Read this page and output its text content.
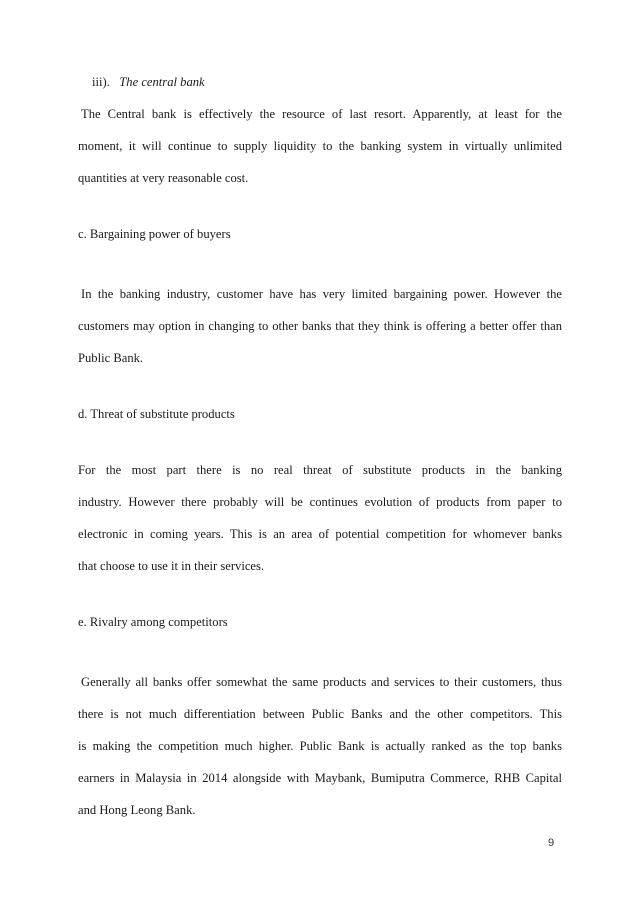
iii). The central bank
The Central bank is effectively the resource of last resort. Apparently, at least for the
moment, it will continue to supply liquidity to the banking system in virtually unlimited
quantities at very reasonable cost.
c. Bargaining power of buyers
In the banking industry, customer have has very limited bargaining power. However the
customers may option in changing to other banks that they think is offering a better offer than
Public Bank.
d. Threat of substitute products
For the most part there is no real threat of substitute products in the banking
industry. However there probably will be continues evolution of products from paper to
electronic in coming years. This is an area of potential competition for whomever banks
that choose to use it in their services.
e. Rivalry among competitors
Generally all banks offer somewhat the same products and services to their customers, thus
there is not much differentiation between Public Banks and the other competitors. This
is making the competition much higher. Public Bank is actually ranked as the top banks
earners in Malaysia in 2014 alongside with Maybank, Bumiputra Commerce, RHB Capital
and Hong Leong Bank.
9
